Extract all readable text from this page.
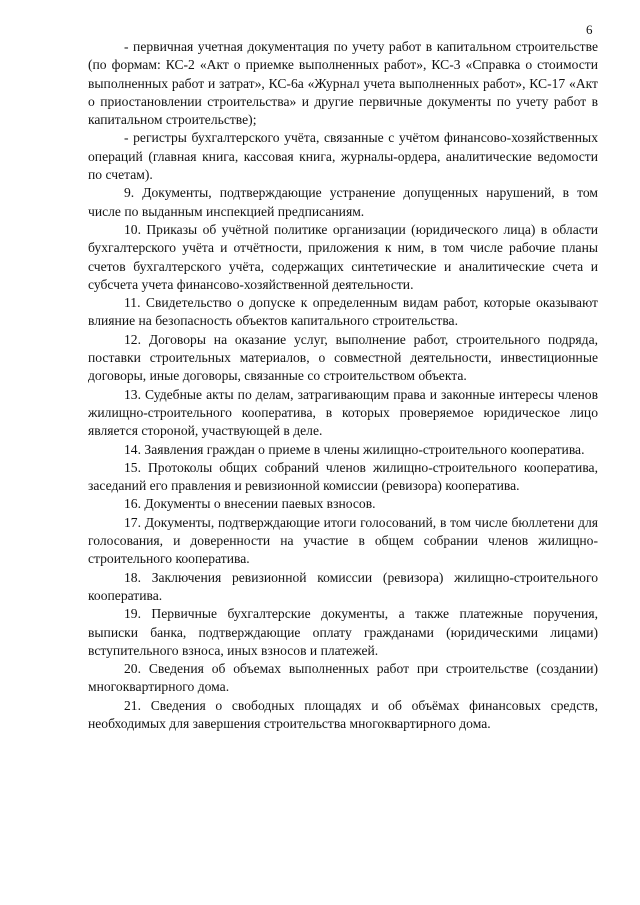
6

- первичная учетная документация по учету работ в капитальном строительстве (по формам: КС-2 «Акт о приемке выполненных работ», КС-3 «Справка о стоимости выполненных работ и затрат», КС-6а «Журнал учета выполненных работ», КС-17 «Акт о приостановлении строительства» и другие первичные документы по учету работ в капитальном строительстве);

- регистры бухгалтерского учёта, связанные с учётом финансово-хозяйственных операций (главная книга, кассовая книга, журналы-ордера, аналитические ведомости по счетам).

9. Документы, подтверждающие устранение допущенных нарушений, в том числе по выданным инспекцией предписаниям.

10. Приказы об учётной политике организации (юридического лица) в области бухгалтерского учёта и отчётности, приложения к ним, в том числе рабочие планы счетов бухгалтерского учёта, содержащих синтетические и аналитические счета и субсчета учета финансово-хозяйственной деятельности.

11. Свидетельство о допуске к определенным видам работ, которые оказывают влияние на безопасность объектов капитального строительства.

12. Договоры на оказание услуг, выполнение работ, строительного подряда, поставки строительных материалов, о совместной деятельности, инвестиционные договоры, иные договоры, связанные со строительством объекта.

13. Судебные акты по делам, затрагивающим права и законные интересы членов жилищно-строительного кооператива, в которых проверяемое юридическое лицо является стороной, участвующей в деле.

14. Заявления граждан о приеме в члены жилищно-строительного кооператива.

15. Протоколы общих собраний членов жилищно-строительного кооператива, заседаний его правления и ревизионной комиссии (ревизора) кооператива.

16. Документы о внесении паевых взносов.

17. Документы, подтверждающие итоги голосований, в том числе бюллетени для голосования, и доверенности на участие в общем собрании членов жилищно-строительного кооператива.

18. Заключения ревизионной комиссии (ревизора) жилищно-строительного кооператива.

19. Первичные бухгалтерские документы, а также платежные поручения, выписки банка, подтверждающие оплату гражданами (юридическими лицами) вступительного взноса, иных взносов и платежей.

20. Сведения об объемах выполненных работ при строительстве (создании) многоквартирного дома.

21. Сведения о свободных площадях и об объёмах финансовых средств, необходимых для завершения строительства многоквартирного дома.
